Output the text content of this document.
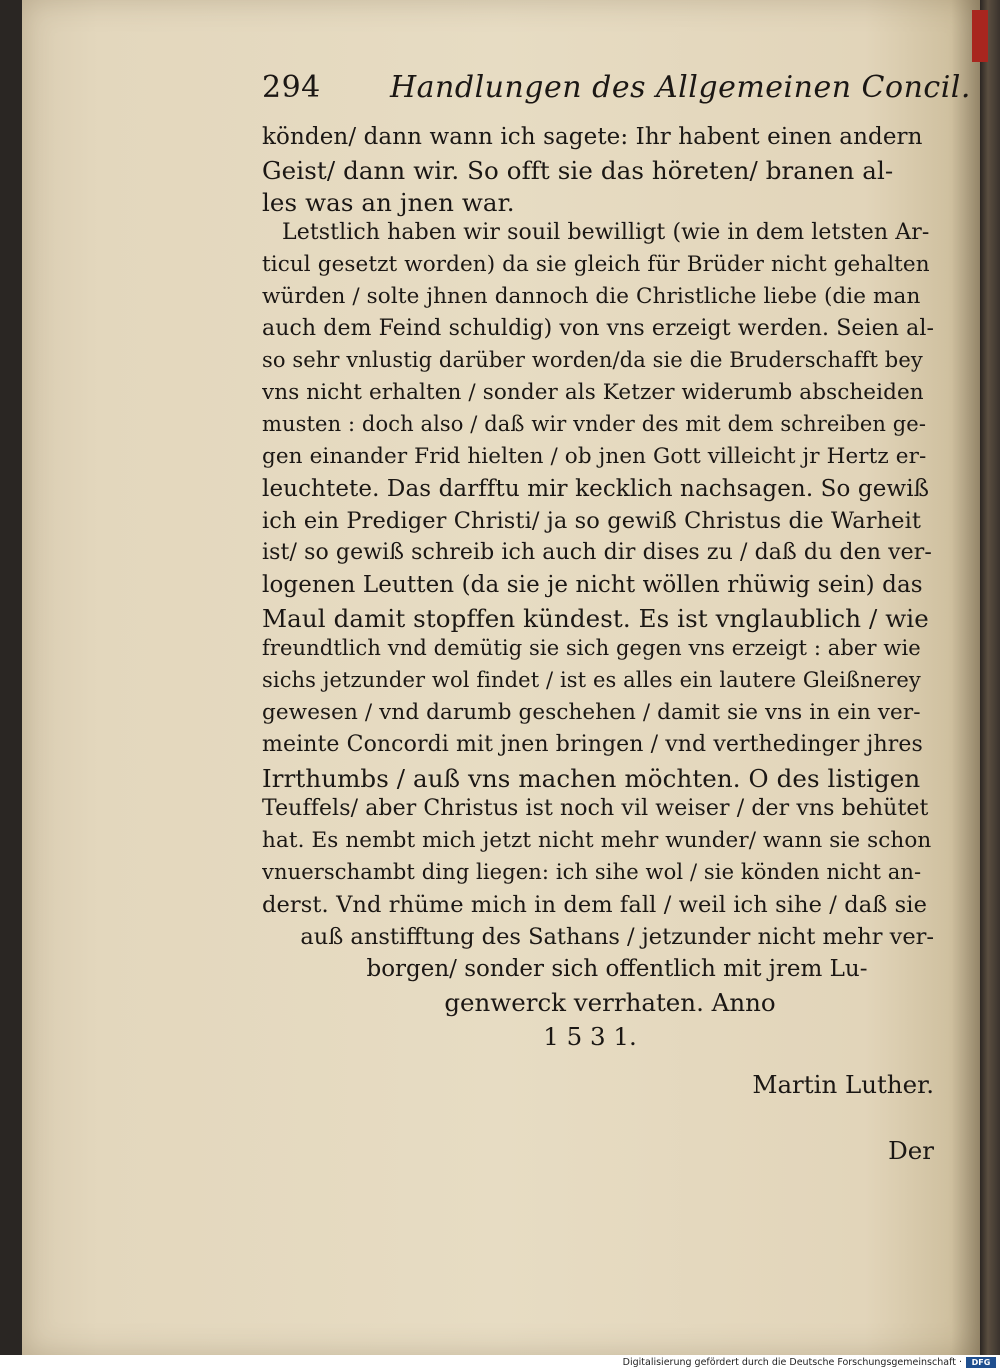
294 Handlungen des Allgemeinen Concil.
könden/ dann wann ich sagete: Ihr habent einen andern
Geist/ dann wir. So offt sie das höreten/ branen al-
les was an jnen war.
Letstlich haben wir souil bewilligt (wie in dem letsten Ar-
ticul gesetzt worden) da sie gleich für Brüder nicht gehalten
würden / solte jhnen dannoch die Christliche liebe (die man
auch dem Feind schuldig) von vns erzeigt werden. Seien al-
so sehr vnlustig darüber worden/da sie die Bruderschafft bey
vns nicht erhalten / sonder als Ketzer widerumb abscheiden
musten : doch also / daß wir vnder des mit dem schreiben ge-
gen einander Frid hielten / ob jnen Gott villeicht jr Hertz er-
leuchtete. Das darfftu mir kecklich nachsagen. So gewiß
ich ein Prediger Christi/ ja so gewiß Christus die Warheit
ist/ so gewiß schreib ich auch dir dises zu / daß du den ver-
logenen Leutten (da sie je nicht wöllen rhüwig sein) das
Maul damit stopffen kündest. Es ist vnglaublich / wie
freundtlich vnd demütig sie sich gegen vns erzeigt : aber wie
sichs jetzunder wol findet / ist es alles ein lautere Gleißnerey
gewesen / vnd darumb geschehen / damit sie vns in ein ver-
meinte Concordi mit jnen bringen / vnd verthedinger jhres
Irrthumbs / auß vns machen möchten. O des listigen
Teuffels/ aber Christus ist noch vil weiser / der vns behütet
hat. Es nembt mich jetzt nicht mehr wunder/ wann sie schon
vnuerschambt ding liegen: ich sihe wol / sie könden nicht an-
derst. Vnd rhüme mich in dem fall / weil ich sihe / daß sie
auß anstifftung des Sathans / jetzunder nicht mehr ver-
borgen/ sonder sich offentlich mit jrem Lu-
genwerck verrhaten. Anno
1 5 3 1.
Martin Luther.
Der
Digitalisierung gefördert durch die Deutsche Forschungsgemeinschaft ·	DFG
